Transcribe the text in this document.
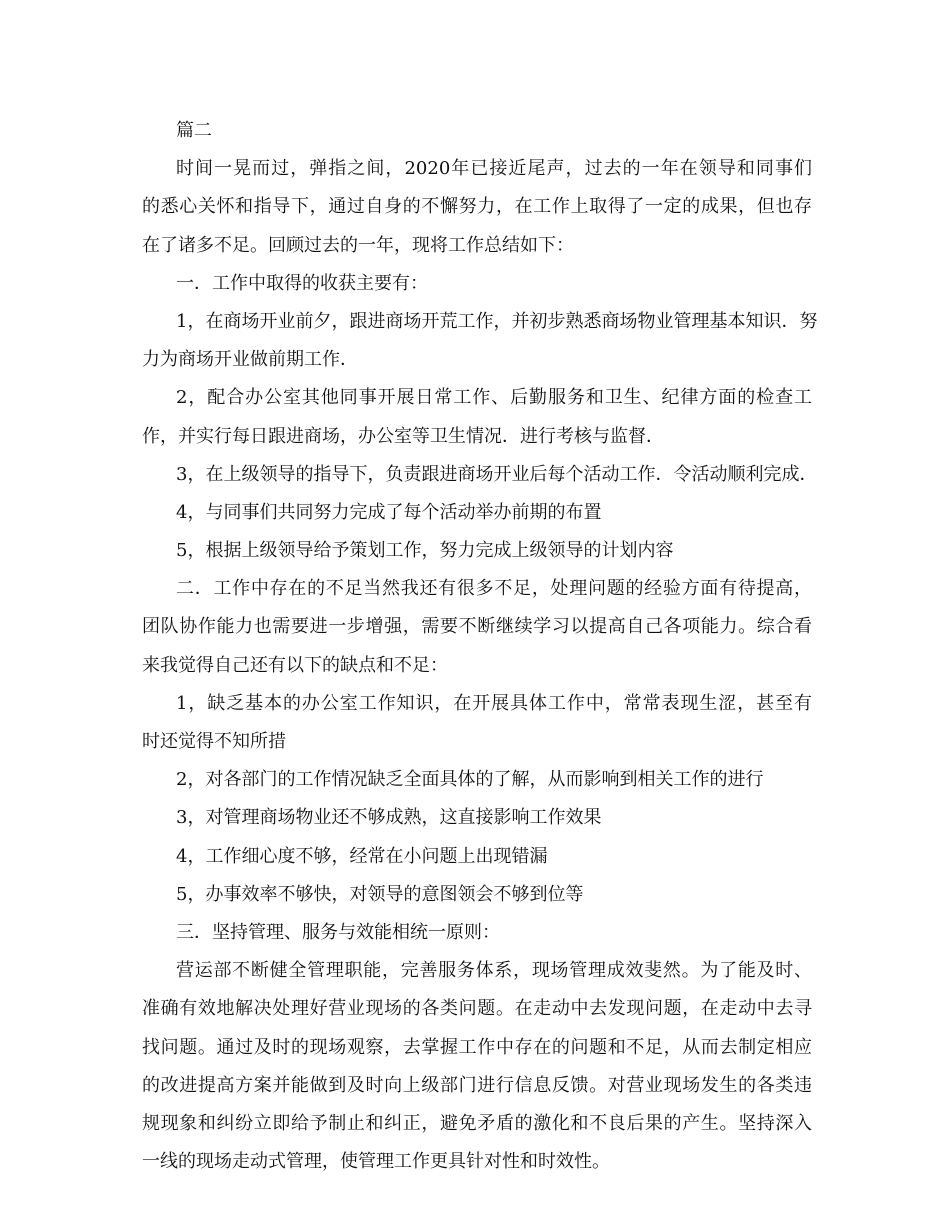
篇二
时间一晃而过，弹指之间，2020年已接近尾声，过去的一年在领导和同事们
的悉心关怀和指导下，通过自身的不懈努力，在工作上取得了一定的成果，但也存
在了诸多不足。回顾过去的一年，现将工作总结如下：
一．工作中取得的收获主要有：
1，在商场开业前夕，跟进商场开荒工作，并初步熟悉商场物业管理基本知识．努
力为商场开业做前期工作．
2，配合办公室其他同事开展日常工作、后勤服务和卫生、纪律方面的检查工
作，并实行每日跟进商场，办公室等卫生情况．进行考核与监督．
3，在上级领导的指导下，负责跟进商场开业后每个活动工作．令活动顺利完成．
4，与同事们共同努力完成了每个活动举办前期的布置
5，根据上级领导给予策划工作，努力完成上级领导的计划内容
二．工作中存在的不足当然我还有很多不足，处理问题的经验方面有待提高，
团队协作能力也需要进一步增强，需要不断继续学习以提高自己各项能力。综合看
来我觉得自己还有以下的缺点和不足：
1，缺乏基本的办公室工作知识，在开展具体工作中，常常表现生涩，甚至有
时还觉得不知所措
2，对各部门的工作情况缺乏全面具体的了解，从而影响到相关工作的进行
3，对管理商场物业还不够成熟，这直接影响工作效果
4，工作细心度不够，经常在小问题上出现错漏
5，办事效率不够快，对领导的意图领会不够到位等
三．坚持管理、服务与效能相统一原则：
营运部不断健全管理职能，完善服务体系，现场管理成效斐然。为了能及时、
准确有效地解决处理好营业现场的各类问题。在走动中去发现问题，在走动中去寻
找问题。通过及时的现场观察，去掌握工作中存在的问题和不足，从而去制定相应
的改进提高方案并能做到及时向上级部门进行信息反馈。对营业现场发生的各类违
规现象和纠纷立即给予制止和纠正，避免矛盾的激化和不良后果的产生。坚持深入
一线的现场走动式管理，使管理工作更具针对性和时效性。
